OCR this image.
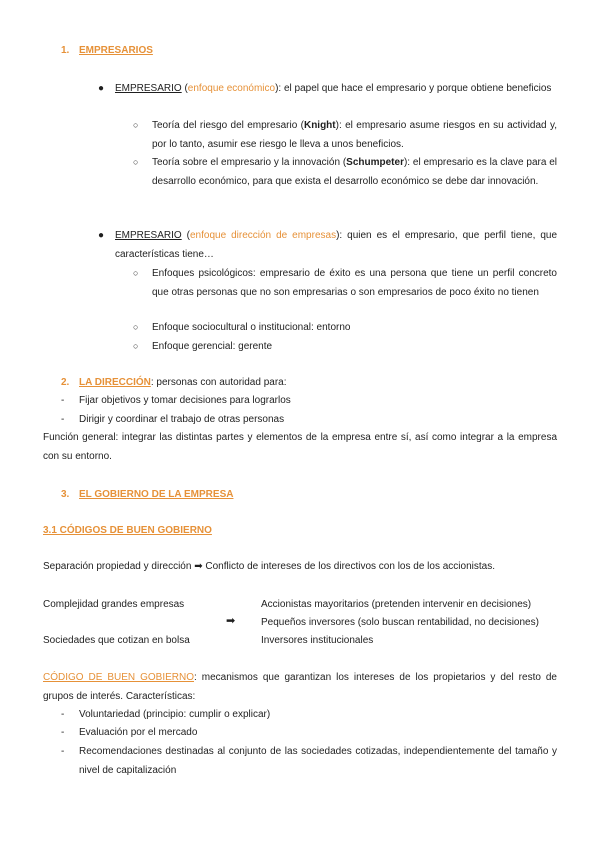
1. EMPRESARIOS
● EMPRESARIO (enfoque económico): el papel que hace el empresario y porque obtiene beneficios
○ Teoría del riesgo del empresario (Knight): el empresario asume riesgos en su actividad y, por lo tanto, asumir ese riesgo le lleva a unos beneficios.
○ Teoría sobre el empresario y la innovación (Schumpeter): el empresario es la clave para el desarrollo económico, para que exista el desarrollo económico se debe dar innovación.
● EMPRESARIO (enfoque dirección de empresas): quien es el empresario, que perfil tiene, que características tiene…
○ Enfoques psicológicos: empresario de éxito es una persona que tiene un perfil concreto que otras personas que no son empresarias o son empresarios de poco éxito no tienen
○ Enfoque sociocultural o institucional: entorno
○ Enfoque gerencial: gerente
2. LA DIRECCIÓN: personas con autoridad para:
- Fijar objetivos y tomar decisiones para lograrlos
- Dirigir y coordinar el trabajo de otras personas
Función general: integrar las distintas partes y elementos de la empresa entre sí, así como integrar a la empresa con su entorno.
3. EL GOBIERNO DE LA EMPRESA
3.1 CÓDIGOS DE BUEN GOBIERNO
Separación propiedad y dirección ➡ Conflicto de intereses de los directivos con los de los accionistas.
Complejidad grandes empresas
Sociedades que cotizan en bolsa
➡
Accionistas mayoritarios (pretenden intervenir en decisiones)
Pequeños inversores (solo buscan rentabilidad, no decisiones)
Inversores institucionales
CÓDIGO DE BUEN GOBIERNO: mecanismos que garantizan los intereses de los propietarios y del resto de grupos de interés. Características:
- Voluntariedad (principio: cumplir o explicar)
- Evaluación por el mercado
- Recomendaciones destinadas al conjunto de las sociedades cotizadas, independientemente del tamaño y nivel de capitalización
